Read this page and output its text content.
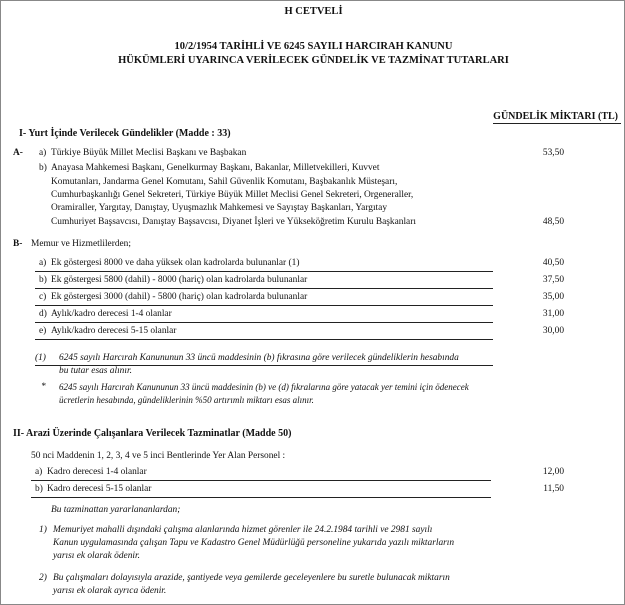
H CETVELİ
10/2/1954 TARİHLİ VE 6245 SAYILI HARCIRAH KANUNU
HÜKÜMLERİ UYARINCA VERİLECEK GÜNDELİK VE TAZMİNAT TUTARLARI
GÜNDELİK MİKTARI (TL)
I- Yurt İçinde Verilecek Gündelikler (Madde : 33)
A- a) Türkiye Büyük Millet Meclisi Başkanı ve Başbakan	53,50
b) Anayasa Mahkemesi Başkanı, Genelkurmay Başkanı, Bakanlar, Milletvekilleri, Kuvvet
Komutanları, Jandarma Genel Komutanı, Sahil Güvenlik Komutanı, Başbakanlık Müsteşarı,
Cumhurbaşkanlığı Genel Sekreteri, Türkiye Büyük Millet Meclisi Genel Sekreteri, Orgeneraller,
Oramiraller, Yargıtay, Danıştay, Uyuşmazlık Mahkemesi ve Sayıştay Başkanları, Yargıtay
Cumhuriyet Başsavcısı, Danıştay Başsavcısı, Diyanet İşleri ve Yükseköğretim Kurulu Başkanları	48,50
B- Memur ve Hizmetlilerden;
a) Ek göstergesi 8000 ve daha yüksek olan kadrolarda bulunanlar (1)	40,50
b) Ek göstergesi 5800 (dahil) - 8000 (hariç) olan kadrolarda bulunanlar	37,50
c) Ek göstergesi 3000 (dahil) - 5800 (hariç) olan kadrolarda bulunanlar	35,00
d) Aylık/kadro derecesi 1-4 olanlar	31,00
e) Aylık/kadro derecesi 5-15 olanlar	30,00
(1) 6245 sayılı Harcırah Kanununun 33 üncü maddesinin (b) fıkrasına göre verilecek gündeliklerin hesabında
bu tutar esas alınır.
* 6245 sayılı Harcırah Kanununun 33 üncü maddesinin (b) ve (d) fıkralarına göre yatacak yer temini için ödenecek
ücretlerin hesabında, gündeliklerinin %50 artırımlı miktarı esas alınır.
II- Arazi Üzerinde Çalışanlara Verilecek Tazminatlar (Madde 50)
50 nci Maddenin 1, 2, 3, 4 ve 5 inci Bentlerinde Yer Alan Personel :
a) Kadro derecesi 1-4 olanlar	12,00
b) Kadro derecesi 5-15 olanlar	11,50
Bu tazminattan yararlananlardan;
1) Memuriyet mahalli dışındaki çalışma alanlarında hizmet görenler ile 24.2.1984 tarihli ve 2981 sayılı
Kanun uygulamasında çalışan Tapu ve Kadastro Genel Müdürlüğü personeline yukarıda yazılı miktarların
yarısı ek olarak ödenir.
2) Bu çalışmaları dolayısıyla arazide, şantiyede veya gemilerde geceleyenlere bu suretle bulunacak miktarın
yarısı ek olarak ayrıca ödenir.
